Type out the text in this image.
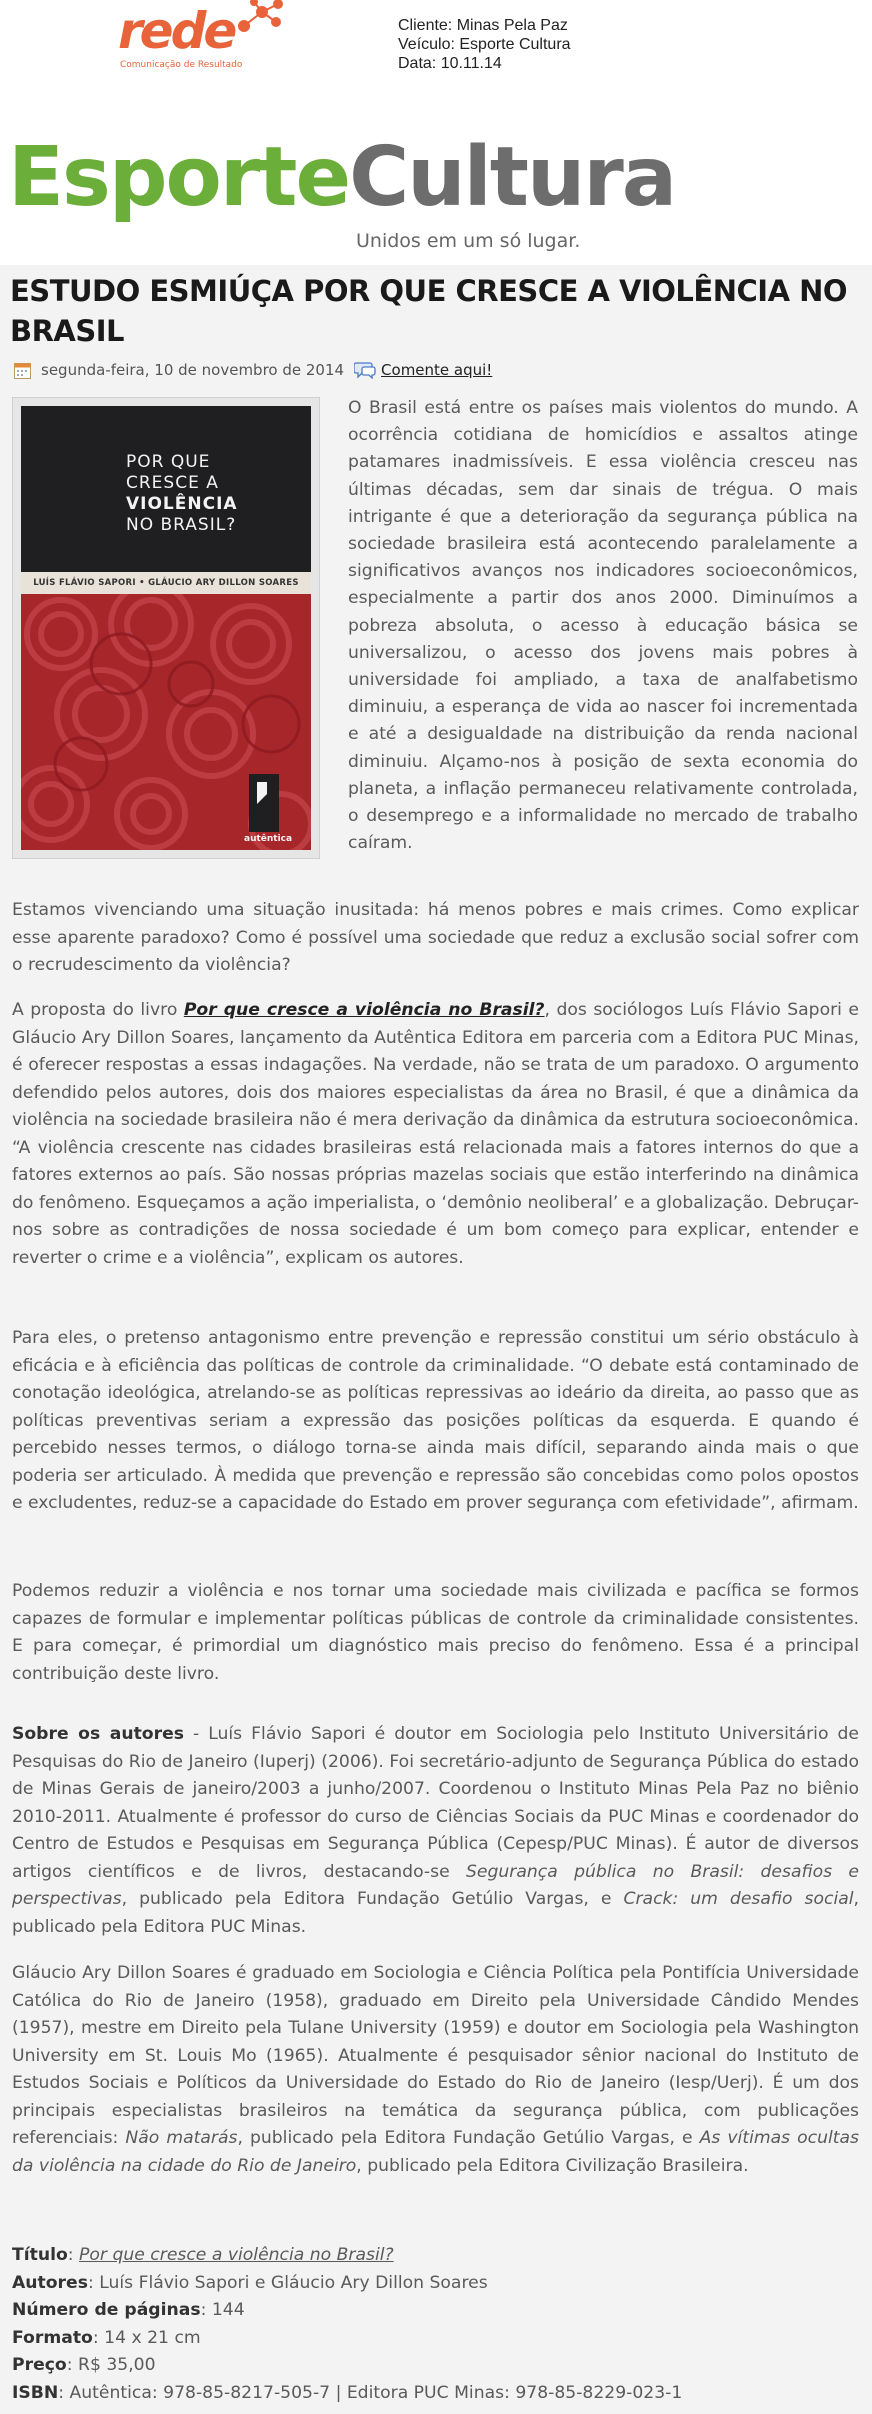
rede
Comunicação de Resultado
Cliente: Minas Pela Paz
Veículo: Esporte Cultura
Data: 10.11.14
EsporteCultura
Unidos em um só lugar.
ESTUDO ESMIÚÇA POR QUE CRESCE A VIOLÊNCIA NO BRASIL
segunda-feira, 10 de novembro de 2014 Comente aqui!
POR QUE
CRESCE A
VIOLÊNCIA
NO BRASIL?
LUÍS FLÁVIO SAPORI • GLÁUCIO ARY DILLON SOARES
autêntica

O Brasil está entre os países mais violentos do mundo. A ocorrência cotidiana de homicídios e assaltos atinge patamares inadmissíveis. E essa violência cresceu nas últimas décadas, sem dar sinais de trégua. O mais intrigante é que a deterioração da segurança pública na sociedade brasileira está acontecendo paralelamente a significativos avanços nos indicadores socioeconômicos, especialmente a partir dos anos 2000. Diminuímos a pobreza absoluta, o acesso à educação básica se universalizou, o acesso dos jovens mais pobres à universidade foi ampliado, a taxa de analfabetismo diminuiu, a esperança de vida ao nascer foi incrementada e até a desigualdade na distribuição da renda nacional diminuiu. Alçamo-nos à posição de sexta economia do planeta, a inflação permaneceu relativamente controlada, o desemprego e a informalidade no mercado de trabalho caíram.

Estamos vivenciando uma situação inusitada: há menos pobres e mais crimes. Como explicar esse aparente paradoxo? Como é possível uma sociedade que reduz a exclusão social sofrer com o recrudescimento da violência?

A proposta do livro Por que cresce a violência no Brasil?, dos sociólogos Luís Flávio Sapori e Gláucio Ary Dillon Soares, lançamento da Autêntica Editora em parceria com a Editora PUC Minas, é oferecer respostas a essas indagações. Na verdade, não se trata de um paradoxo. O argumento defendido pelos autores, dois dos maiores especialistas da área no Brasil, é que a dinâmica da violência na sociedade brasileira não é mera derivação da dinâmica da estrutura socioeconômica. “A violência crescente nas cidades brasileiras está relacionada mais a fatores internos do que a fatores externos ao país. São nossas próprias mazelas sociais que estão interferindo na dinâmica do fenômeno. Esqueçamos a ação imperialista, o ‘demônio neoliberal’ e a globalização. Debruçar-nos sobre as contradições de nossa sociedade é um bom começo para explicar, entender e reverter o crime e a violência”, explicam os autores.

Para eles, o pretenso antagonismo entre prevenção e repressão constitui um sério obstáculo à eficácia e à eficiência das políticas de controle da criminalidade. “O debate está contaminado de conotação ideológica, atrelando-se as políticas repressivas ao ideário da direita, ao passo que as políticas preventivas seriam a expressão das posições políticas da esquerda. E quando é percebido nesses termos, o diálogo torna-se ainda mais difícil, separando ainda mais o que poderia ser articulado. À medida que prevenção e repressão são concebidas como polos opostos e excludentes, reduz-se a capacidade do Estado em prover segurança com efetividade”, afirmam.

Podemos reduzir a violência e nos tornar uma sociedade mais civilizada e pacífica se formos capazes de formular e implementar políticas públicas de controle da criminalidade consistentes. E para começar, é primordial um diagnóstico mais preciso do fenômeno. Essa é a principal contribuição deste livro.

Sobre os autores - Luís Flávio Sapori é doutor em Sociologia pelo Instituto Universitário de Pesquisas do Rio de Janeiro (Iuperj) (2006). Foi secretário-adjunto de Segurança Pública do estado de Minas Gerais de janeiro/2003 a junho/2007. Coordenou o Instituto Minas Pela Paz no biênio 2010-2011. Atualmente é professor do curso de Ciências Sociais da PUC Minas e coordenador do Centro de Estudos e Pesquisas em Segurança Pública (Cepesp/PUC Minas). É autor de diversos artigos científicos e de livros, destacando-se Segurança pública no Brasil: desafios e perspectivas, publicado pela Editora Fundação Getúlio Vargas, e Crack: um desafio social, publicado pela Editora PUC Minas.

Gláucio Ary Dillon Soares é graduado em Sociologia e Ciência Política pela Pontifícia Universidade Católica do Rio de Janeiro (1958), graduado em Direito pela Universidade Cândido Mendes (1957), mestre em Direito pela Tulane University (1959) e doutor em Sociologia pela Washington University em St. Louis Mo (1965). Atualmente é pesquisador sênior nacional do Instituto de Estudos Sociais e Políticos da Universidade do Estado do Rio de Janeiro (Iesp/Uerj). É um dos principais especialistas brasileiros na temática da segurança pública, com publicações referenciais: Não matarás, publicado pela Editora Fundação Getúlio Vargas, e As vítimas ocultas da violência na cidade do Rio de Janeiro, publicado pela Editora Civilização Brasileira.

Título: Por que cresce a violência no Brasil?
Autores: Luís Flávio Sapori e Gláucio Ary Dillon Soares
Número de páginas: 144
Formato: 14 x 21 cm
Preço: R$ 35,00
ISBN: Autêntica: 978-85-8217-505-7 | Editora PUC Minas: 978-85-8229-023-1
